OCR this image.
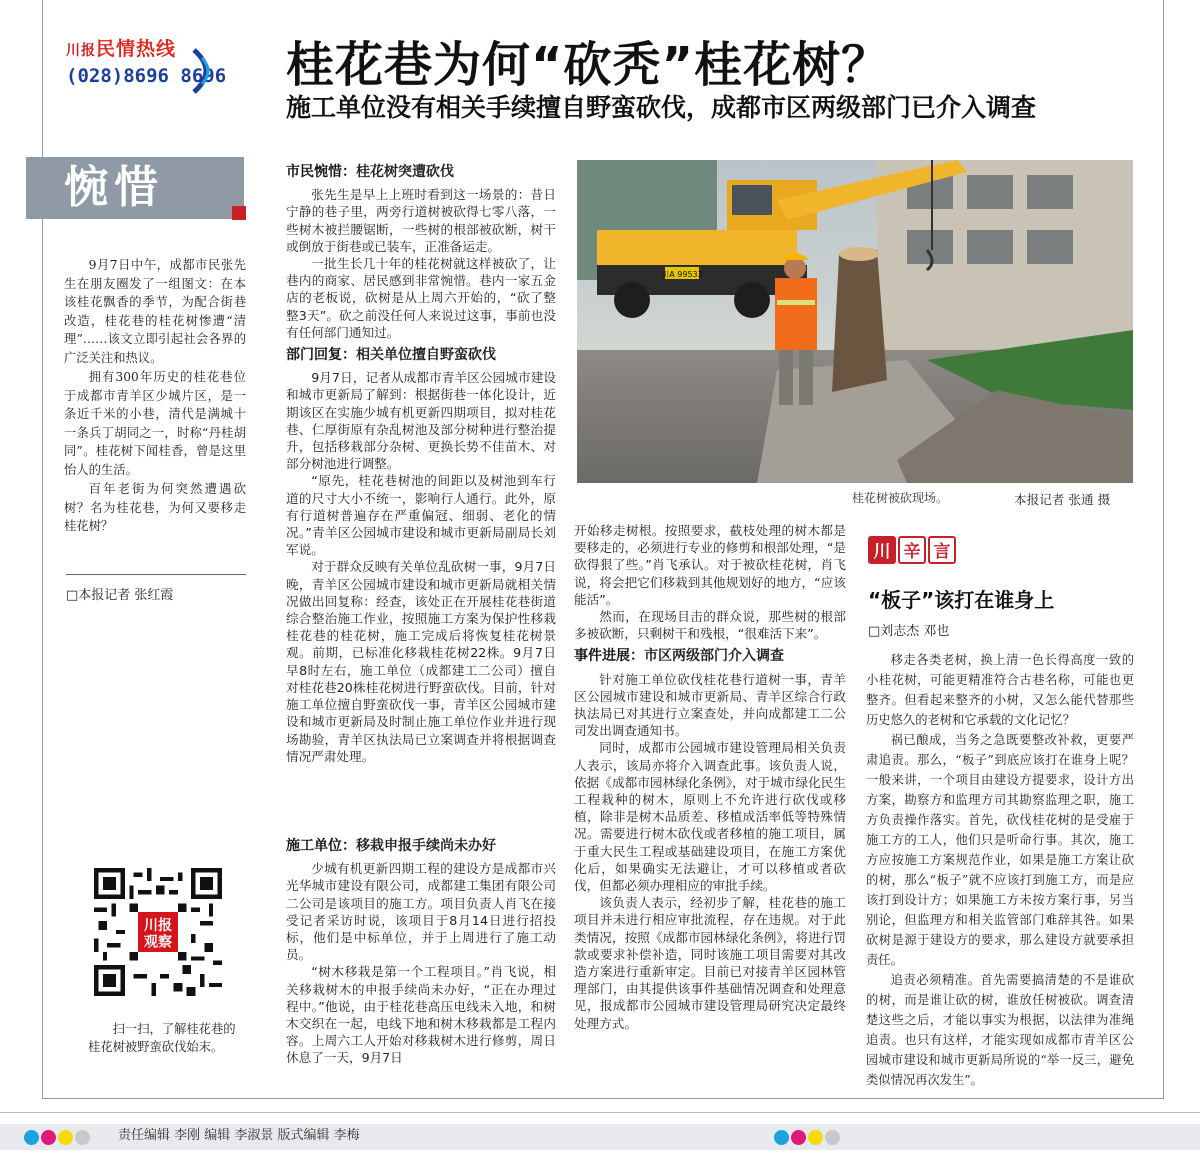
川报民情热线
(028)8696 8696 桂花巷为何“砍秃”桂花树？
施工单位没有相关手续擅自野蛮砍伐，成都市区两级部门已介入调查
惋惜

9月7日中午，成都市民张先生在朋友圈发了一组图文：在本该桂花飘香的季节，为配合街巷改造，桂花巷的桂花树惨遭“清理”……该文立即引起社会各界的广泛关注和热议。

拥有300年历史的桂花巷位于成都市青羊区少城片区，是一条近千米的小巷，清代是满城十一条兵丁胡同之一，时称“丹桂胡同”。桂花树下闻桂香，曾是这里怡人的生活。

百年老街为何突然遭遇砍树？名为桂花巷，为何又要移走桂花树？

□本报记者 张红霞
川报
观察
扫一扫，了解桂花巷的桂花树被野蛮砍伐始末。
市民惋惜：桂花树突遭砍伐

张先生是早上上班时看到这一场景的：昔日宁静的巷子里，两旁行道树被砍得七零八落，一些树木被拦腰锯断，一些树的根部被砍断，树干或倒放于街巷或已装车，正准备运走。

一批生长几十年的桂花树就这样被砍了，让巷内的商家、居民感到非常惋惜。巷内一家五金店的老板说，砍树是从上周六开始的，“砍了整整3天”。砍之前没任何人来说过这事，事前也没有任何部门通知过。

部门回复：相关单位擅自野蛮砍伐

9月7日，记者从成都市青羊区公园城市建设和城市更新局了解到：根据街巷一体化设计，近期该区在实施少城有机更新四期项目，拟对桂花巷、仁厚街原有杂乱树池及部分树种进行整治提升，包括移栽部分杂树、更换长势不佳苗木、对部分树池进行调整。

“原先，桂花巷树池的间距以及树池到车行道的尺寸大小不统一，影响行人通行。此外，原有行道树普遍存在严重偏冠、细弱、老化的情况。”青羊区公园城市建设和城市更新局副局长刘军说。

对于群众反映有关单位乱砍树一事，9月7日晚，青羊区公园城市建设和城市更新局就相关情况做出回复称：经查，该处正在开展桂花巷街道综合整治施工作业，按照施工方案为保护性移栽桂花巷的桂花树，施工完成后将恢复桂花树景观。前期，已标准化移栽桂花树22株。9月7日早8时左右，施工单位（成都建工二公司）擅自对桂花巷20株桂花树进行野蛮砍伐。目前，针对施工单位擅自野蛮砍伐一事，青羊区公园城市建设和城市更新局及时制止施工单位作业并进行现场勘验，青羊区执法局已立案调查并将根据调查情况严肃处理。

施工单位：移栽申报手续尚未办好

少城有机更新四期工程的建设方是成都市兴光华城市建设有限公司，成都建工集团有限公司二公司是该项目的施工方。项目负责人肖飞在接受记者采访时说，该项目于8月14日进行招投标，他们是中标单位，并于上周进行了施工动员。

“树木移栽是第一个工程项目。”肖飞说，相关移栽树木的申报手续尚未办好，“正在办理过程中。”他说，由于桂花巷高压电线未入地，和树木交织在一起，电线下地和树木移栽都是工程内容。上周六工人开始对移栽树木进行修剪，周日休息了一天，9月7日

川A 99533
桂花树被砍现场。	本报记者 张通 摄

开始移走树根。按照要求，截枝处理的树木都是要移走的，必须进行专业的修剪和根部处理，“是砍得狠了些。”肖飞承认。对于被砍桂花树，肖飞说，将会把它们移栽到其他规划好的地方，“应该能活”。

然而，在现场目击的群众说，那些树的根部多被砍断，只剩树干和残根，“很难活下来”。

事件进展：市区两级部门介入调查

针对施工单位砍伐桂花巷行道树一事，青羊区公园城市建设和城市更新局、青羊区综合行政执法局已对其进行立案查处，并向成都建工二公司发出调查通知书。

同时，成都市公园城市建设管理局相关负责人表示，该局亦将介入调查此事。该负责人说，依据《成都市园林绿化条例》，对于城市绿化民生工程栽种的树木，原则上不允许进行砍伐或移植，除非是树木品质差、移植成活率低等特殊情况。需要进行树木砍伐或者移植的施工项目，属于重大民生工程或基础建设项目，在施工方案优化后，如果确实无法避让，才可以移植或者砍伐，但都必须办理相应的审批手续。

该负责人表示，经初步了解，桂花巷的施工项目并未进行相应审批流程，存在违规。对于此类情况，按照《成都市园林绿化条例》，将进行罚款或要求补偿补造，同时该施工项目需要对其改造方案进行重新审定。目前已对接青羊区园林管理部门，由其提供该事件基础情况调查和处理意见，报成都市公园城市建设管理局研究决定最终处理方式。

川 辛 言
“板子”该打在谁身上
□刘志杰 邓也

移走各类老树，换上清一色长得高度一致的小桂花树，可能更精准符合古巷名称，可能也更整齐。但看起来整齐的小树，又怎么能代替那些历史悠久的老树和它承载的文化记忆？

祸已酿成，当务之急既要整改补救，更要严肃追责。那么，“板子”到底应该打在谁身上呢？一般来讲，一个项目由建设方提要求，设计方出方案，勘察方和监理方司其勘察监理之职，施工方负责操作落实。首先，砍伐桂花树的是受雇于施工方的工人，他们只是听命行事。其次，施工方应按施工方案规范作业，如果是施工方案让砍的树，那么“板子”就不应该打到施工方，而是应该打到设计方；如果施工方未按方案行事，另当别论，但监理方和相关监管部门难辞其咎。如果砍树是源于建设方的要求，那么建设方就要承担责任。

追责必须精准。首先需要搞清楚的不是谁砍的树，而是谁让砍的树，谁放任树被砍。调查清楚这些之后，才能以事实为根据，以法律为准绳追责。也只有这样，才能实现如成都市青羊区公园城市建设和城市更新局所说的“举一反三，避免类似情况再次发生”。

责任编辑 李刚 编辑 李淑景 版式编辑 李梅
